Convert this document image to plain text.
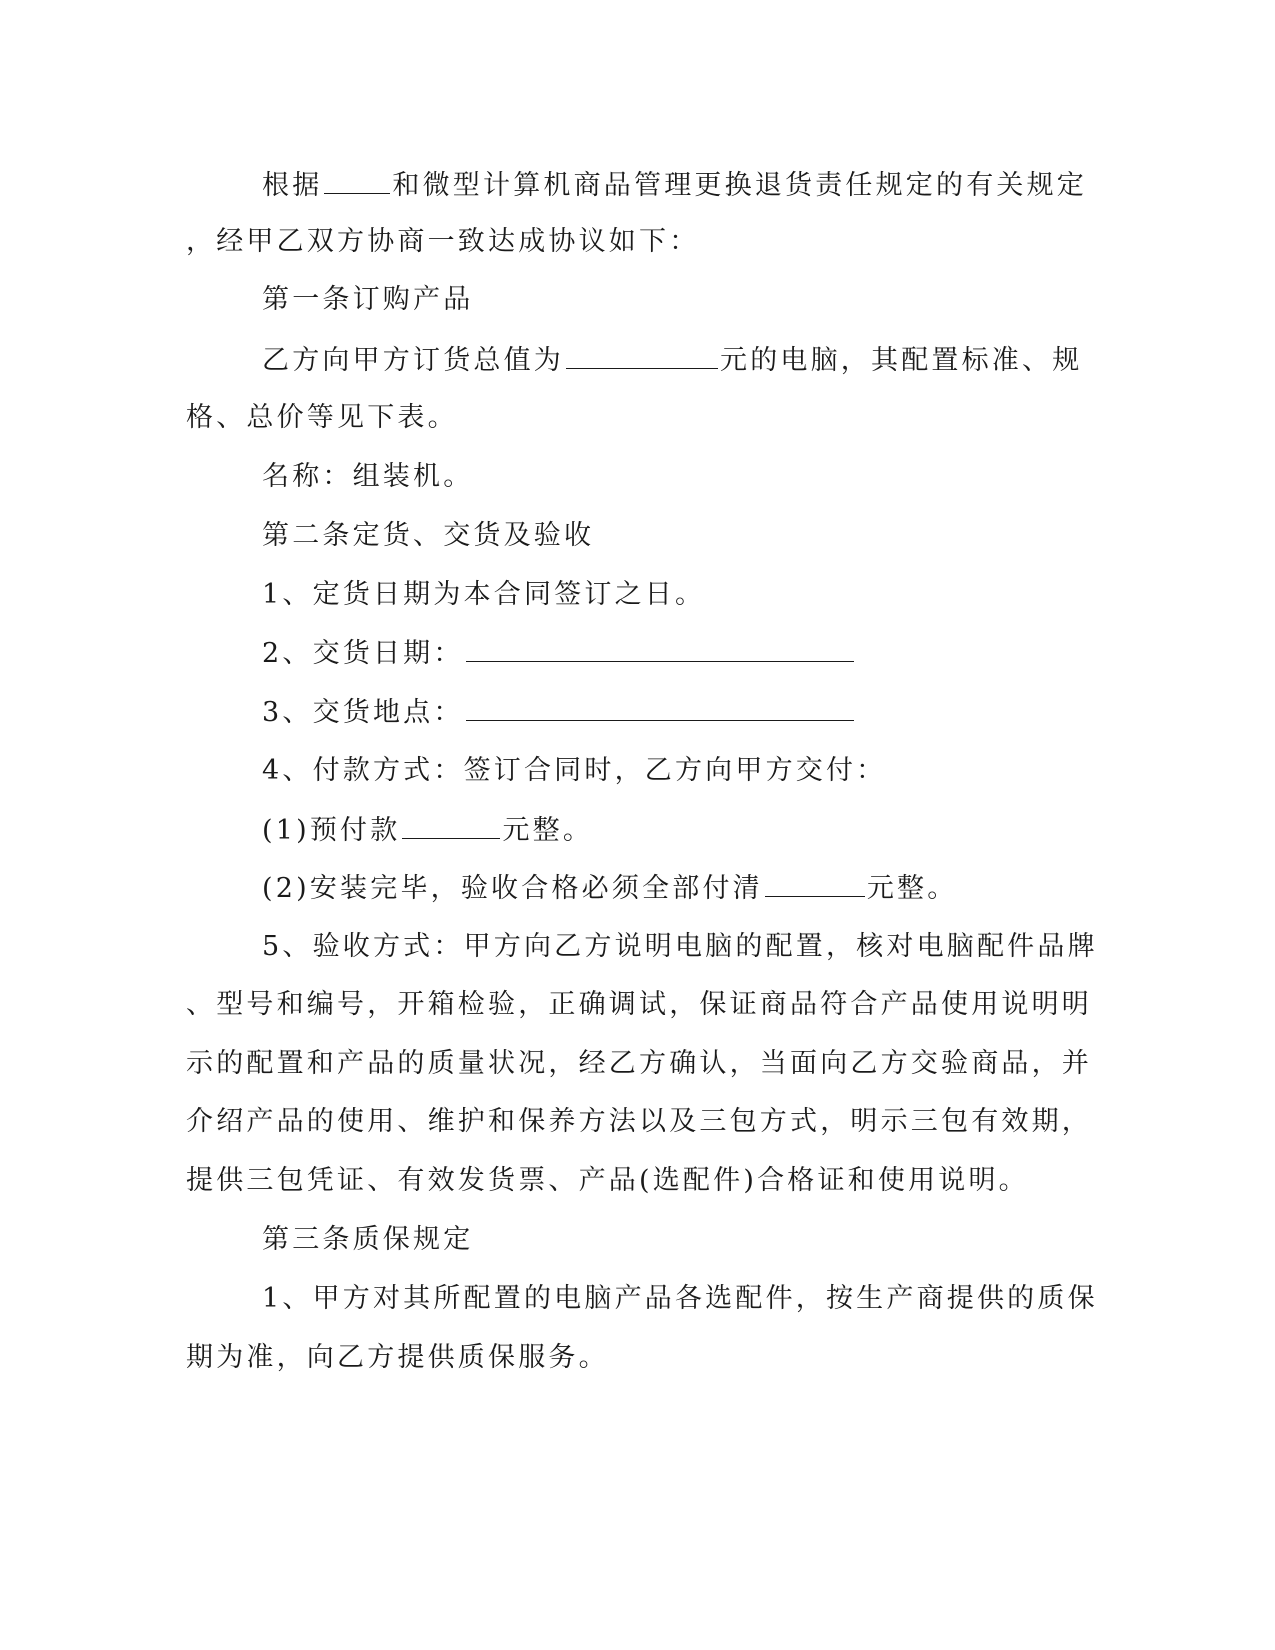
根据	和微型计算机商品管理更换退货责任规定的有关规定
，经甲乙双方协商一致达成协议如下：
第一条订购产品
乙方向甲方订货总值为	元的电脑，其配置标准、规
格、总价等见下表。
名称：组装机。
第二条定货、交货及验收
1、定货日期为本合同签订之日。
2、交货日期：
3、交货地点：
4、付款方式：签订合同时，乙方向甲方交付：
(1)预付款	元整。
(2)安装完毕，验收合格必须全部付清	元整。
5、验收方式：甲方向乙方说明电脑的配置，核对电脑配件品牌
、型号和编号，开箱检验，正确调试，保证商品符合产品使用说明明
示的配置和产品的质量状况，经乙方确认，当面向乙方交验商品，并
介绍产品的使用、维护和保养方法以及三包方式，明示三包有效期，
提供三包凭证、有效发货票、产品(选配件)合格证和使用说明。
第三条质保规定
1、甲方对其所配置的电脑产品各选配件，按生产商提供的质保
期为准，向乙方提供质保服务。
